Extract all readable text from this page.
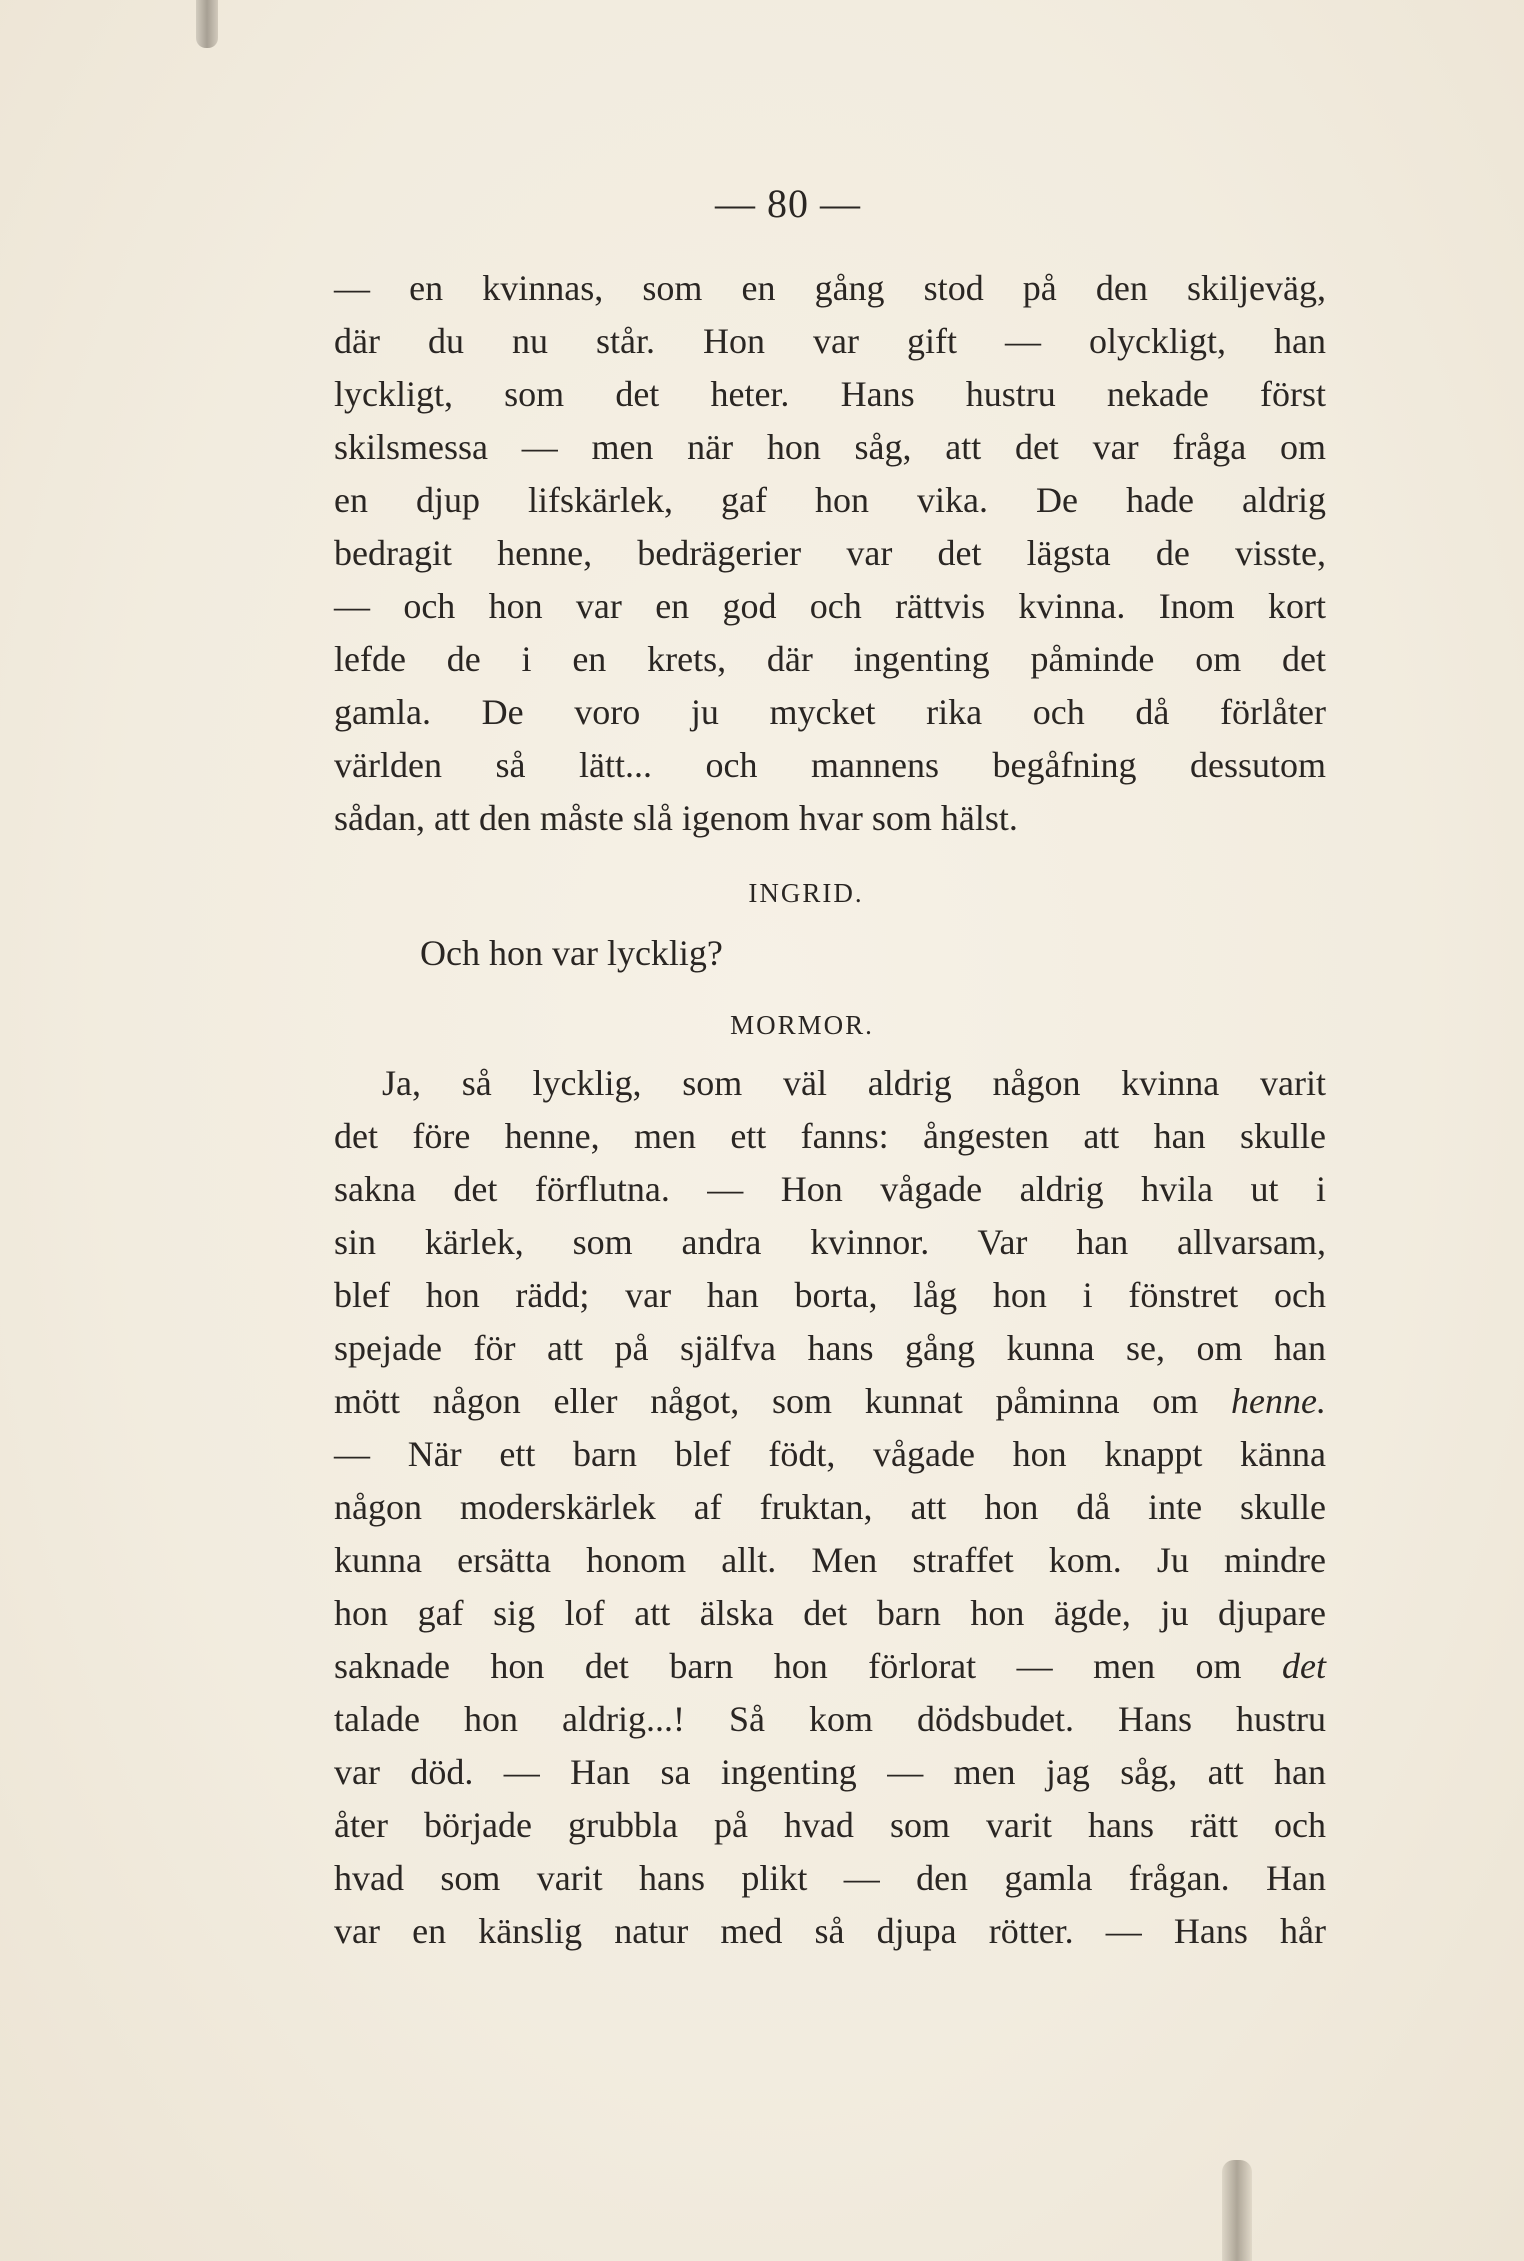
— 80 —
— en kvinnas, som en gång stod på den skiljeväg,
där du nu står. Hon var gift — olyckligt, han
lyckligt, som det heter. Hans hustru nekade först
skilsmessa — men när hon såg, att det var fråga om
en djup lifskärlek, gaf hon vika. De hade aldrig
bedragit henne, bedrägerier var det lägsta de visste,
— och hon var en god och rättvis kvinna. Inom kort
lefde de i en krets, där ingenting påminde om det
gamla. De voro ju mycket rika och då förlåter
världen så lätt... och mannens begåfning dessutom
sådan, att den måste slå igenom hvar som hälst.
INGRID.
Och hon var lycklig?
MORMOR.
Ja, så lycklig, som väl aldrig någon kvinna varit
det före henne, men ett fanns: ångesten att han skulle
sakna det förflutna. — Hon vågade aldrig hvila ut i
sin kärlek, som andra kvinnor. Var han allvarsam,
blef hon rädd; var han borta, låg hon i fönstret och
spejade för att på själfva hans gång kunna se, om han
mött någon eller något, som kunnat påminna om henne.
— När ett barn blef födt, vågade hon knappt känna
någon moderskärlek af fruktan, att hon då inte skulle
kunna ersätta honom allt. Men straffet kom. Ju mindre
hon gaf sig lof att älska det barn hon ägde, ju djupare
saknade hon det barn hon förlorat — men om det
talade hon aldrig...! Så kom dödsbudet. Hans hustru
var död. — Han sa ingenting — men jag såg, att han
åter började grubbla på hvad som varit hans rätt och
hvad som varit hans plikt — den gamla frågan. Han
var en känslig natur med så djupa rötter. — Hans hår
